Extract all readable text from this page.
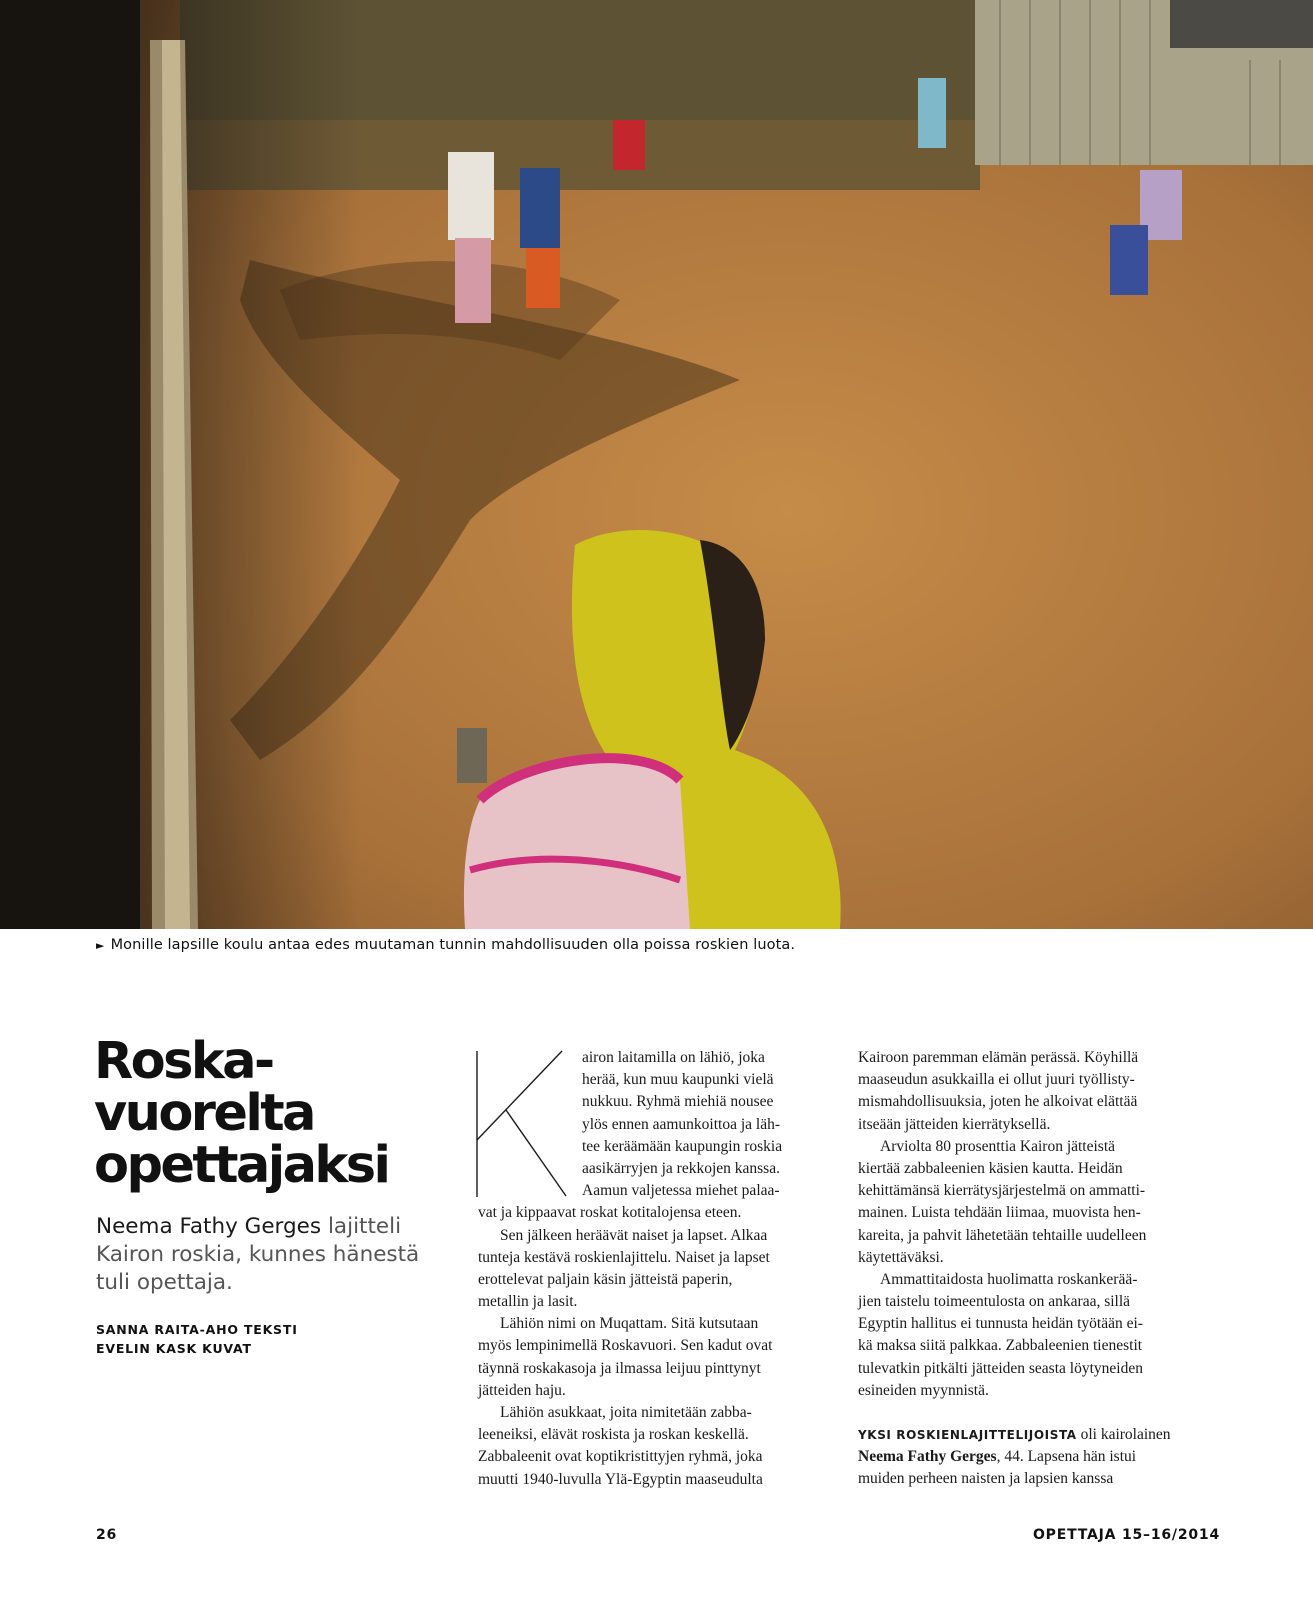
► Monille lapsille koulu antaa edes muutaman tunnin mahdollisuuden olla poissa roskien luota.
Roska-
vuorelta
opettajaksi
Neema Fathy Gerges lajitteli
Kairon roskia, kunnes hänestä
tuli opettaja.
SANNA RAITA-AHO TEKSTI
EVELIN KASK KUVAT
airon laitamilla on lähiö, joka
herää, kun muu kaupunki vielä
nukkuu. Ryhmä miehiä nousee
ylös ennen aamunkoittoa ja läh-
tee keräämään kaupungin roskia
aasikärryjen ja rekkojen kanssa.
Aamun valjetessa miehet palaa-
vat ja kippaavat roskat kotitalojensa eteen.
Sen jälkeen heräävät naiset ja lapset. Alkaa
tunteja kestävä roskienlajittelu. Naiset ja lapset
erottelevat paljain käsin jätteistä paperin,
metallin ja lasit.
Lähiön nimi on Muqattam. Sitä kutsutaan
myös lempinimellä Roskavuori. Sen kadut ovat
täynnä roskakasoja ja ilmassa leijuu pinttynyt
jätteiden haju.
Lähiön asukkaat, joita nimitetään zabba-
leeneiksi, elävät roskista ja roskan keskellä.
Zabbaleenit ovat koptikristittyjen ryhmä, joka
muutti 1940-luvulla Ylä-Egyptin maaseudulta
Kairoon paremman elämän perässä. Köyhillä
maaseudun asukkailla ei ollut juuri työllisty-
mismahdollisuuksia, joten he alkoivat elättää
itseään jätteiden kierrätyksellä.
Arviolta 80 prosenttia Kairon jätteistä
kiertää zabbaleenien käsien kautta. Heidän
kehittämänsä kierrätysjärjestelmä on ammatti-
mainen. Luista tehdään liimaa, muovista hen-
kareita, ja pahvit lähetetään tehtaille uudelleen
käytettäväksi.
Ammattitaidosta huolimatta roskankerää-
jien taistelu toimeentulosta on ankaraa, sillä
Egyptin hallitus ei tunnusta heidän työtään ei-
kä maksa siitä palkkaa. Zabbaleenien tienestit
tulevatkin pitkälti jätteiden seasta löytyneiden
esineiden myynnistä.
YKSI ROSKIENLAJITTELIJOISTA oli kairolainen
Neema Fathy Gerges, 44. Lapsena hän istui
muiden perheen naisten ja lapsien kanssa
26	OPETTAJA 15–16/2014
